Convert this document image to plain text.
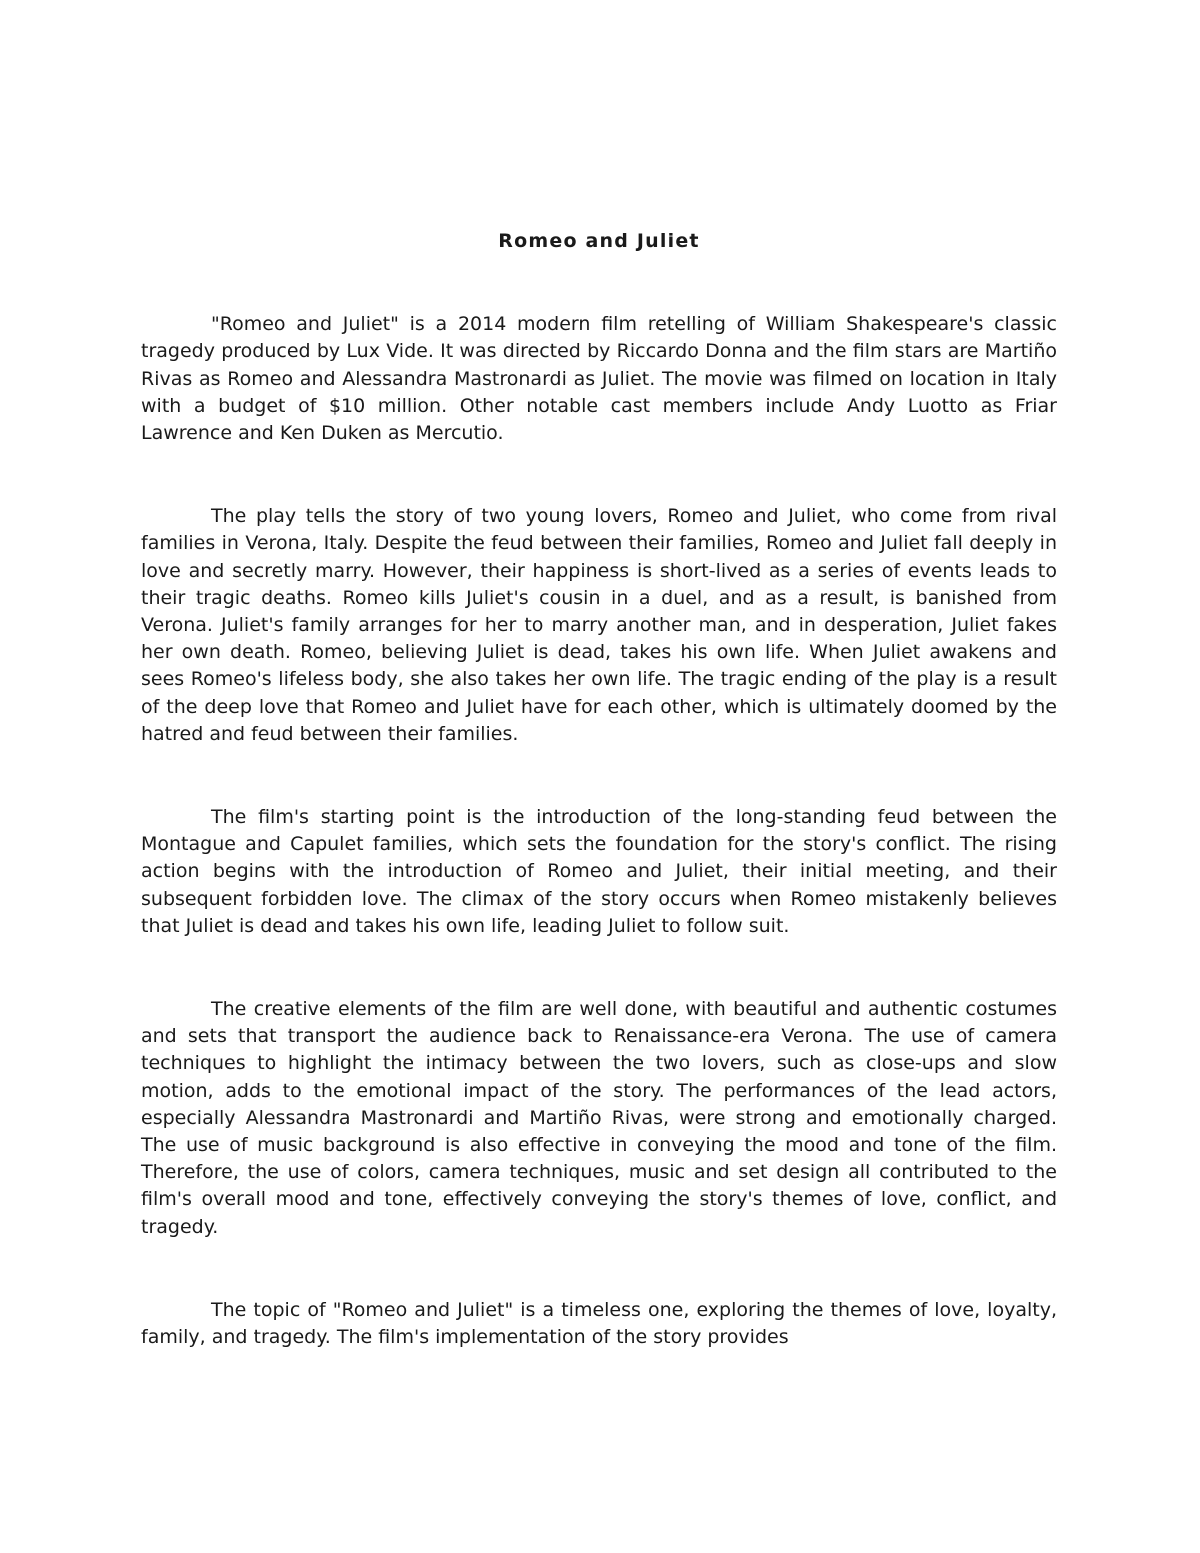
Romeo and Juliet

"Romeo and Juliet" is a 2014 modern film retelling of William Shakespeare's classic tragedy produced by Lux Vide. It was directed by Riccardo Donna and the film stars are Martiño Rivas as Romeo and Alessandra Mastronardi as Juliet. The movie was filmed on location in Italy with a budget of $10 million. Other notable cast members include Andy Luotto as Friar Lawrence and Ken Duken as Mercutio.

The play tells the story of two young lovers, Romeo and Juliet, who come from rival families in Verona, Italy. Despite the feud between their families, Romeo and Juliet fall deeply in love and secretly marry. However, their happiness is short-lived as a series of events leads to their tragic deaths. Romeo kills Juliet's cousin in a duel, and as a result, is banished from Verona. Juliet's family arranges for her to marry another man, and in desperation, Juliet fakes her own death. Romeo, believing Juliet is dead, takes his own life. When Juliet awakens and sees Romeo's lifeless body, she also takes her own life. The tragic ending of the play is a result of the deep love that Romeo and Juliet have for each other, which is ultimately doomed by the hatred and feud between their families.

The film's starting point is the introduction of the long-standing feud between the Montague and Capulet families, which sets the foundation for the story's conflict. The rising action begins with the introduction of Romeo and Juliet, their initial meeting, and their subsequent forbidden love. The climax of the story occurs when Romeo mistakenly believes that Juliet is dead and takes his own life, leading Juliet to follow suit.

The creative elements of the film are well done, with beautiful and authentic costumes and sets that transport the audience back to Renaissance-era Verona. The use of camera techniques to highlight the intimacy between the two lovers, such as close-ups and slow motion, adds to the emotional impact of the story. The performances of the lead actors, especially Alessandra Mastronardi and Martiño Rivas, were strong and emotionally charged. The use of music background is also effective in conveying the mood and tone of the film. Therefore, the use of colors, camera techniques, music and set design all contributed to the film's overall mood and tone, effectively conveying the story's themes of love, conflict, and tragedy.

The topic of "Romeo and Juliet" is a timeless one, exploring the themes of love, loyalty, family, and tragedy. The film's implementation of the story provides
